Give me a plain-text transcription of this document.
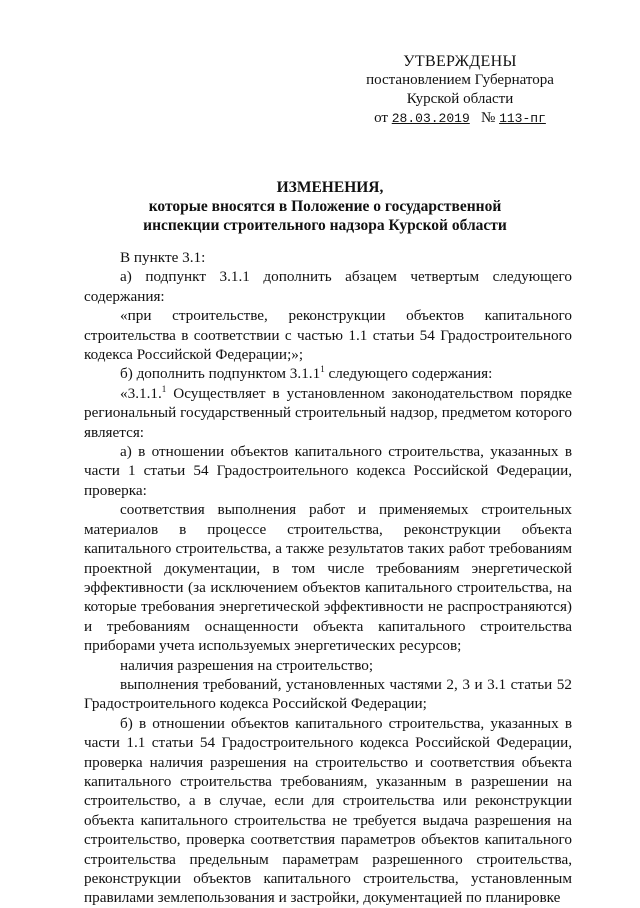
УТВЕРЖДЕНЫ
постановлением Губернатора
Курской области
от 28.03.2019 № 113-пг
ИЗМЕНЕНИЯ,
которые вносятся в Положение о государственной инспекции строительного надзора Курской области

В пункте 3.1:

а) подпункт 3.1.1 дополнить абзацем четвертым следующего содержания:

«при строительстве, реконструкции объектов капитального строительства в соответствии с частью 1.1 статьи 54 Градостроительного кодекса Российской Федерации;»;

б) дополнить подпунктом 3.1.1$^1$ следующего содержания:

«3.1.1.$^1$ Осуществляет в установленном законодательством порядке региональный государственный строительный надзор, предметом которого является:

а) в отношении объектов капитального строительства, указанных в части 1 статьи 54 Градостроительного кодекса Российской Федерации, проверка:

соответствия выполнения работ и применяемых строительных материалов в процессе строительства, реконструкции объекта капитального строительства, а также результатов таких работ требованиям проектной документации, в том числе требованиям энергетической эффективности (за исключением объектов капитального строительства, на которые требования энергетической эффективности не распространяются) и требованиям оснащенности объекта капитального строительства приборами учета используемых энергетических ресурсов;

наличия разрешения на строительство;

выполнения требований, установленных частями 2, 3 и 3.1 статьи 52 Градостроительного кодекса Российской Федерации;

б) в отношении объектов капитального строительства, указанных в части 1.1 статьи 54 Градостроительного кодекса Российской Федерации, проверка наличия разрешения на строительство и соответствия объекта капитального строительства требованиям, указанным в разрешении на строительство, а в случае, если для строительства или реконструкции объекта капитального строительства не требуется выдача разрешения на строительство, проверка соответствия параметров объектов капитального строительства предельным параметрам разрешенного строительства, реконструкции объектов капитального строительства, установленным правилами землепользования и застройки, документацией по планировке
